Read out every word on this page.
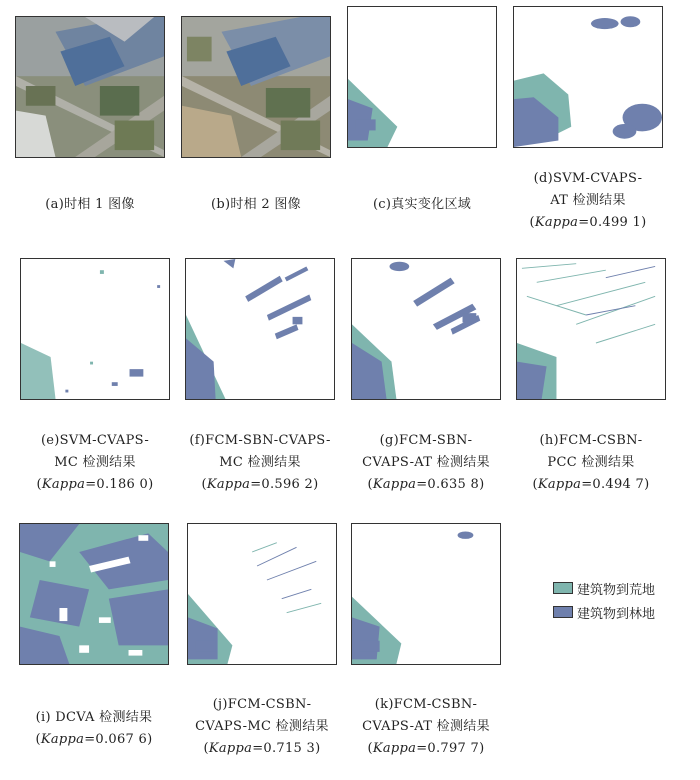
(a)时相 1 图像	(b)时相 2 图像	(c)真实变化区域
(d)SVM-CVAPS-
AT 检测结果
(Kappa=0.499 1)
(e)SVM-CVAPS-
MC 检测结果
(Kappa=0.186 0)
(f)FCM-SBN-CVAPS-
MC 检测结果
(Kappa=0.596 2)
(g)FCM-SBN-
CVAPS-AT 检测结果
(Kappa=0.635 8)
(h)FCM-CSBN-
PCC 检测结果
(Kappa=0.494 7)
建筑物到荒地
建筑物到林地
(i) DCVA 检测结果
(Kappa=0.067 6)
(j)FCM-CSBN-
CVAPS-MC 检测结果
(Kappa=0.715 3)
(k)FCM-CSBN-
CVAPS-AT 检测结果
(Kappa=0.797 7)
